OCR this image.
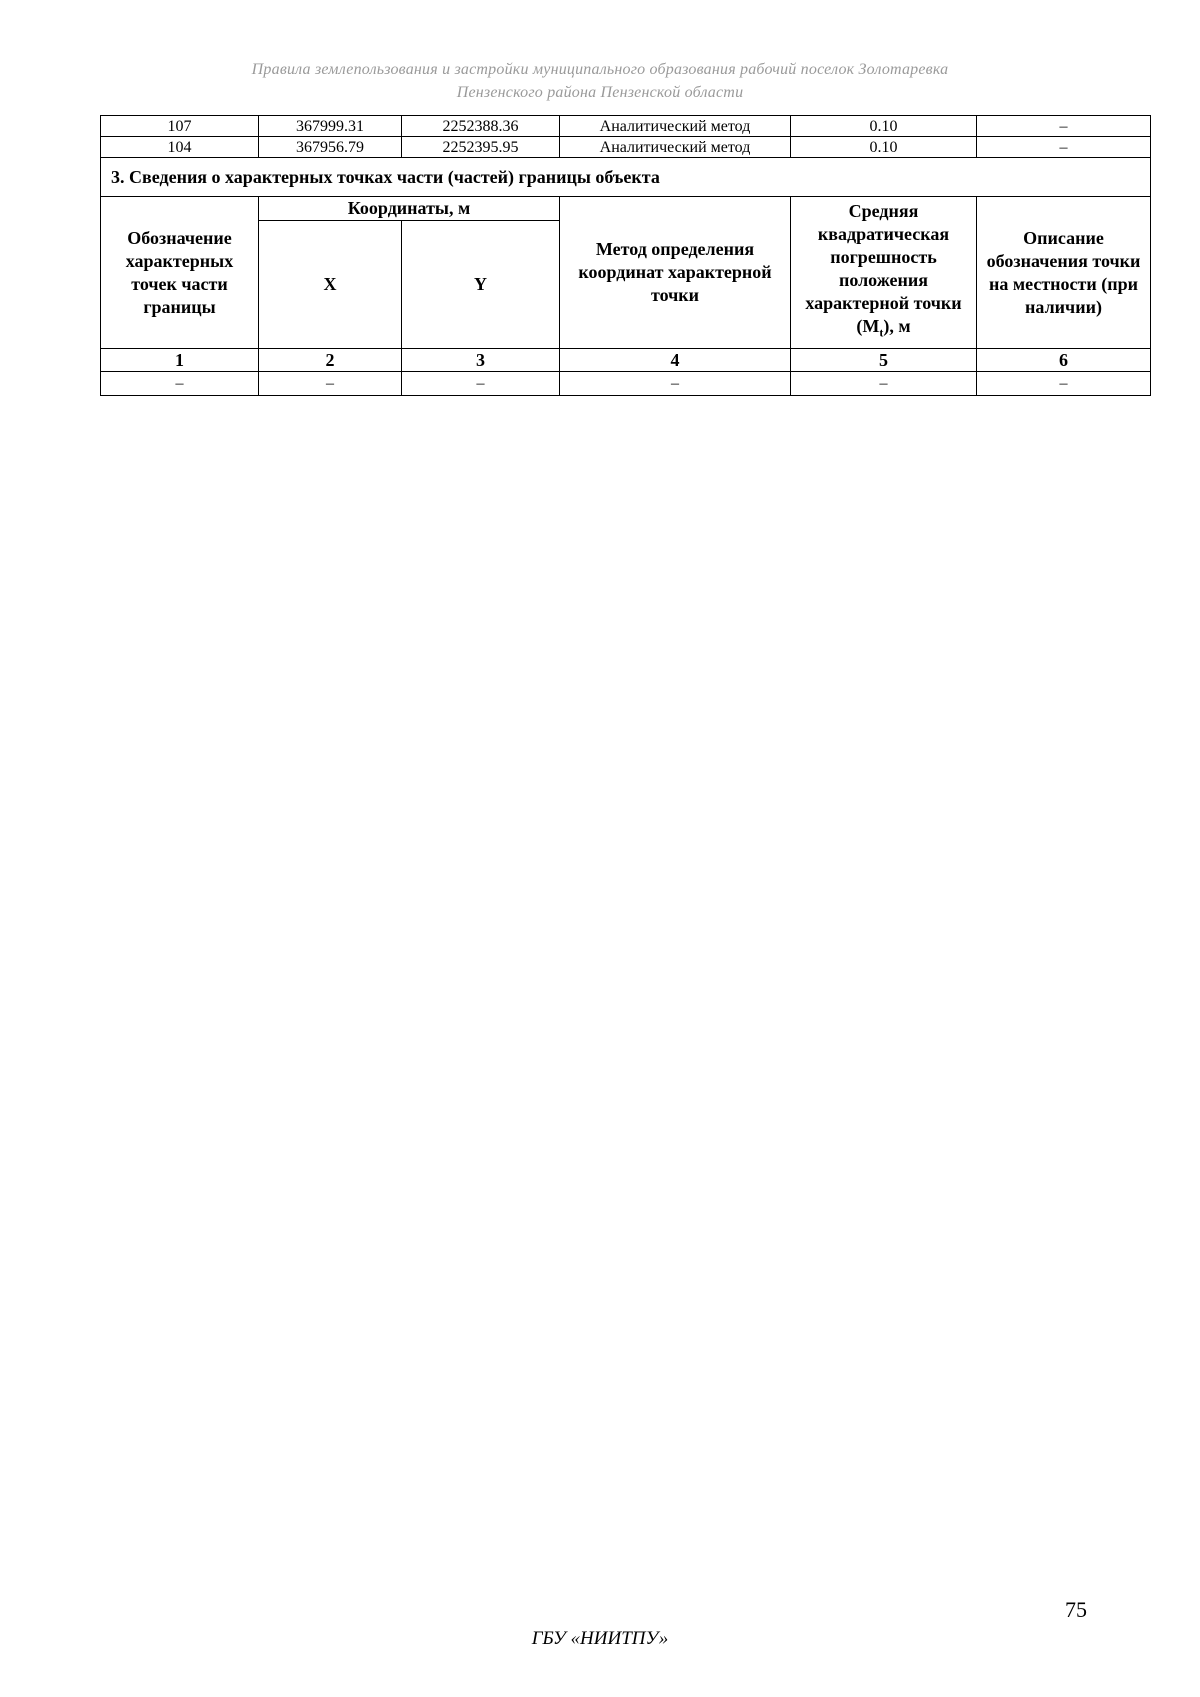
Правила землепользования и застройки муниципального образования рабочий поселок Золотаревка
Пензенского района Пензенской области
107	367999.31	2252388.36	Аналитический метод	0.10	–
104	367956.79	2252395.95	Аналитический метод	0.10	–
3. Сведения о характерных точках части (частей) границы объекта					
Обозначение характерных точек части границы	Координаты, м		Метод определения координат характерной точки	Средняя квадратическая погрешность положения характерной точки $(M_t)$, м	Описание обозначения точки на местности (при наличии)
	X	Y			
1	2	3	4	5	6
–	–	–	–	–	–
75
ГБУ «НИИТПУ»
